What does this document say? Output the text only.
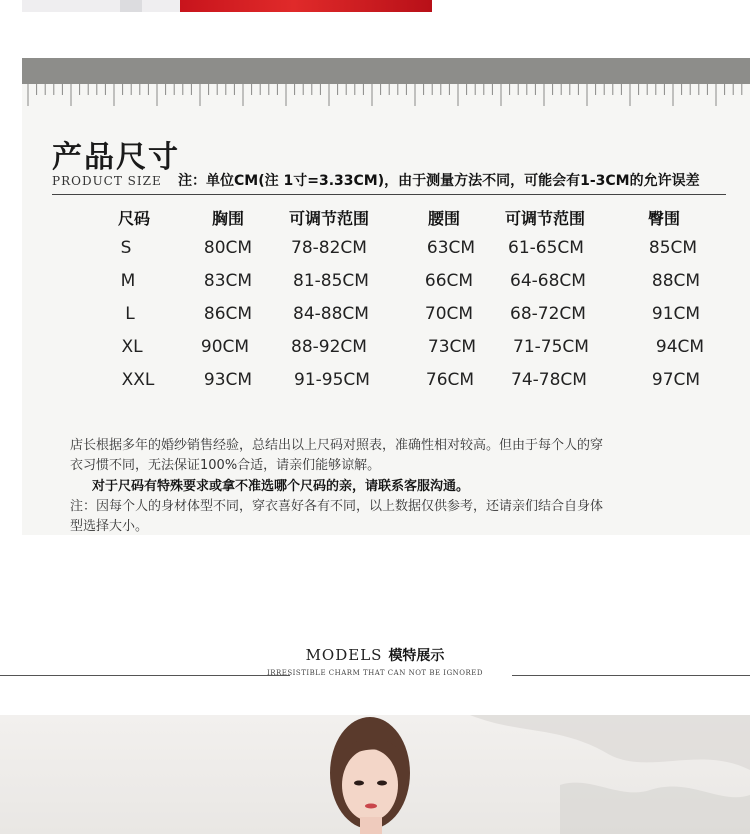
产品尺寸
PRODUCT SIZE 注：单位CM(注 1寸=3.33CM)，由于测量方法不同，可能会有1-3CM的允许误差
尺码	胸围	可调节范围	腰围	可调节范围	臀围
S	80CM 78-82CM	63CM 61-65CM	85CM
M	83CM 81-85CM	66CM 64-68CM	88CM
L	86CM 84-88CM	70CM 68-72CM	91CM
XL	90CM 88-92CM	73CM 71-75CM	94CM
XXL	93CM 91-95CM	76CM 74-78CM	97CM
店长根据多年的婚纱销售经验，总结出以上尺码对照表，准确性相对较高。但由于每个人的穿
衣习惯不同，无法保证100%合适，请亲们能够谅解。
对于尺码有特殊要求或拿不准选哪个尺码的亲，请联系客服沟通。
注：因每个人的身材体型不同，穿衣喜好各有不同，以上数据仅供参考，还请亲们结合自身体
型选择大小。
MODELS 模特展示
IRRESISTIBLE CHARM THAT CAN NOT BE IGNORED
